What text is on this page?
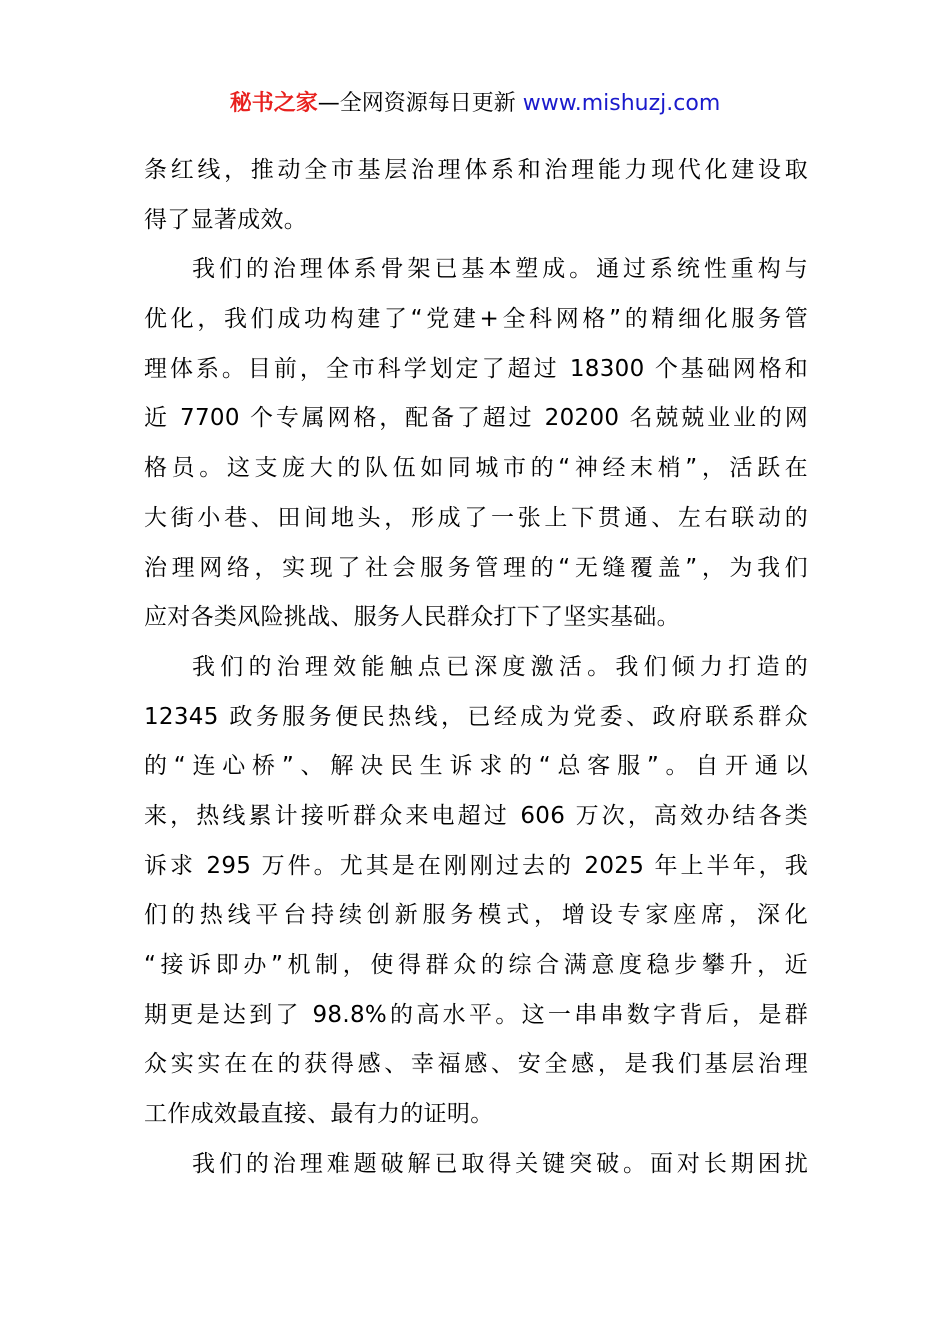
秘书之家—全网资源每日更新 www.mishuzj.com
条红线，推动全市基层治理体系和治理能力现代化建设取
得了显著成效。
我们的治理体系骨架已基本塑成。通过系统性重构与
优化，我们成功构建了“党建+全科网格”的精细化服务管
理体系。目前，全市科学划定了超过 18300 个基础网格和
近 7700 个专属网格，配备了超过 20200 名兢兢业业的网
格员。这支庞大的队伍如同城市的“神经末梢”，活跃在
大街小巷、田间地头，形成了一张上下贯通、左右联动的
治理网络，实现了社会服务管理的“无缝覆盖”，为我们
应对各类风险挑战、服务人民群众打下了坚实基础。
我们的治理效能触点已深度激活。我们倾力打造的
12345 政务服务便民热线，已经成为党委、政府联系群众
的“连心桥”、解决民生诉求的“总客服”。自开通以
来，热线累计接听群众来电超过 606 万次，高效办结各类
诉求 295 万件。尤其是在刚刚过去的 2025 年上半年，我
们的热线平台持续创新服务模式，增设专家座席，深化
“接诉即办”机制，使得群众的综合满意度稳步攀升，近
期更是达到了 98.8%的高水平。这一串串数字背后，是群
众实实在在的获得感、幸福感、安全感，是我们基层治理
工作成效最直接、最有力的证明。
我们的治理难题破解已取得关键突破。面对长期困扰
